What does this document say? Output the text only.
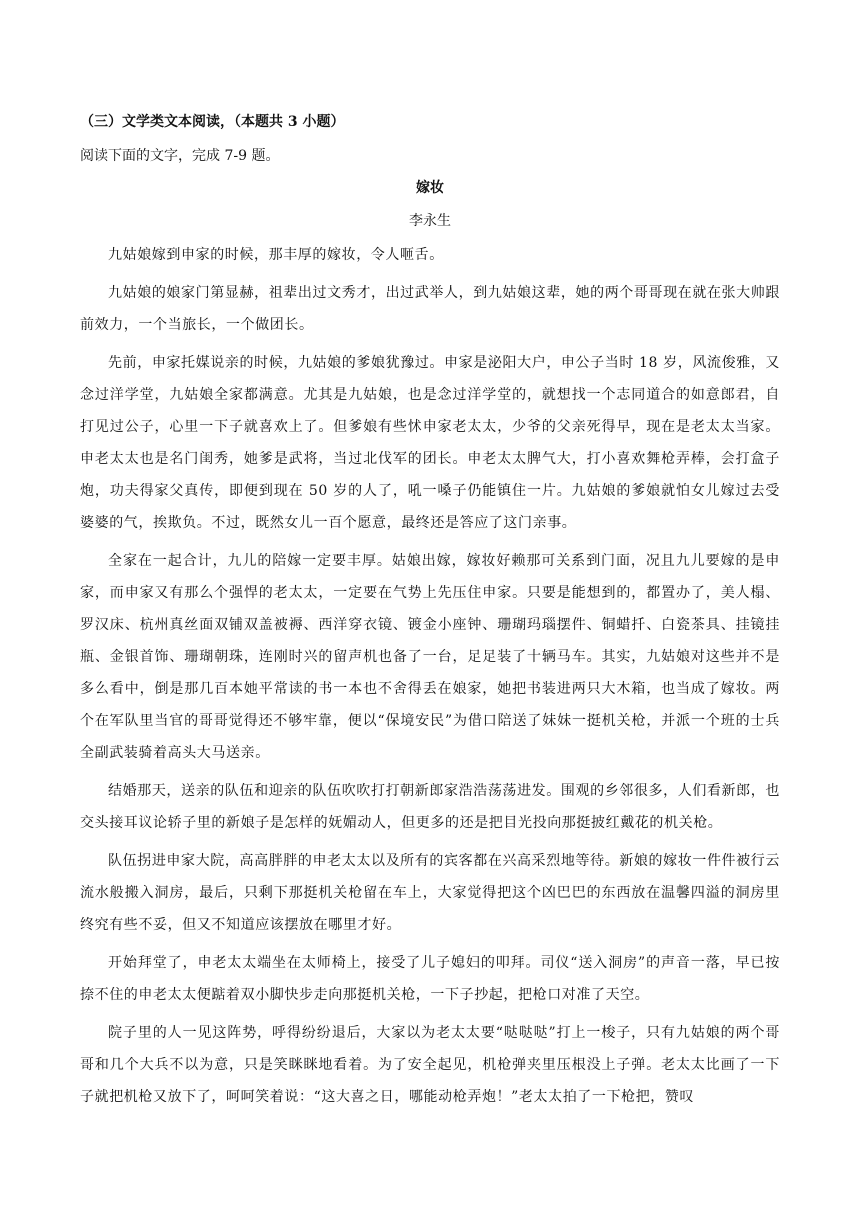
（三）文学类文本阅读，（本题共 3 小题）
阅读下面的文字，完成 7-9 题。
嫁妆
李永生

九姑娘嫁到申家的时候，那丰厚的嫁妆，令人咂舌。

九姑娘的娘家门第显赫，祖辈出过文秀才，出过武举人，到九姑娘这辈，她的两个哥哥现在就在张大帅跟前效力，一个当旅长，一个做团长。

先前，申家托媒说亲的时候，九姑娘的爹娘犹豫过。申家是泌阳大户，申公子当时 18 岁，风流俊雅，又念过洋学堂，九姑娘全家都满意。尤其是九姑娘，也是念过洋学堂的，就想找一个志同道合的如意郎君，自打见过公子，心里一下子就喜欢上了。但爹娘有些怵申家老太太，少爷的父亲死得早，现在是老太太当家。申老太太也是名门闺秀，她爹是武将，当过北伐军的团长。申老太太脾气大，打小喜欢舞枪弄棒，会打盒子炮，功夫得家父真传，即便到现在 50 岁的人了，吼一嗓子仍能镇住一片。九姑娘的爹娘就怕女儿嫁过去受婆婆的气，挨欺负。不过，既然女儿一百个愿意，最终还是答应了这门亲事。

全家在一起合计，九儿的陪嫁一定要丰厚。姑娘出嫁，嫁妆好赖那可关系到门面，况且九儿要嫁的是申家，而申家又有那么个强悍的老太太，一定要在气势上先压住申家。只要是能想到的，都置办了，美人榻、罗汉床、杭州真丝面双铺双盖被褥、西洋穿衣镜、镀金小座钟、珊瑚玛瑙摆件、铜蜡扦、白瓷茶具、挂镜挂瓶、金银首饰、珊瑚朝珠，连刚时兴的留声机也备了一台，足足装了十辆马车。其实，九姑娘对这些并不是多么看中，倒是那几百本她平常读的书一本也不舍得丢在娘家，她把书装进两只大木箱，也当成了嫁妆。两个在军队里当官的哥哥觉得还不够牢靠，便以“保境安民”为借口陪送了妹妹一挺机关枪，并派一个班的士兵全副武装骑着高头大马送亲。

结婚那天，送亲的队伍和迎亲的队伍吹吹打打朝新郎家浩浩荡荡进发。围观的乡邻很多，人们看新郎，也交头接耳议论轿子里的新娘子是怎样的妩媚动人，但更多的还是把目光投向那挺披红戴花的机关枪。

队伍拐进申家大院，高高胖胖的申老太太以及所有的宾客都在兴高采烈地等待。新娘的嫁妆一件件被行云流水般搬入洞房，最后，只剩下那挺机关枪留在车上，大家觉得把这个凶巴巴的东西放在温馨四溢的洞房里终究有些不妥，但又不知道应该摆放在哪里才好。

开始拜堂了，申老太太端坐在太师椅上，接受了儿子媳妇的叩拜。司仪“送入洞房”的声音一落，早已按捺不住的申老太太便踮着双小脚快步走向那挺机关枪，一下子抄起，把枪口对准了天空。

院子里的人一见这阵势，呼得纷纷退后，大家以为老太太要“哒哒哒”打上一梭子，只有九姑娘的两个哥哥和几个大兵不以为意，只是笑眯眯地看着。为了安全起见，机枪弹夹里压根没上子弹。老太太比画了一下子就把机枪又放下了，呵呵笑着说：“这大喜之日，哪能动枪弄炮！”老太太拍了一下枪把，赞叹
